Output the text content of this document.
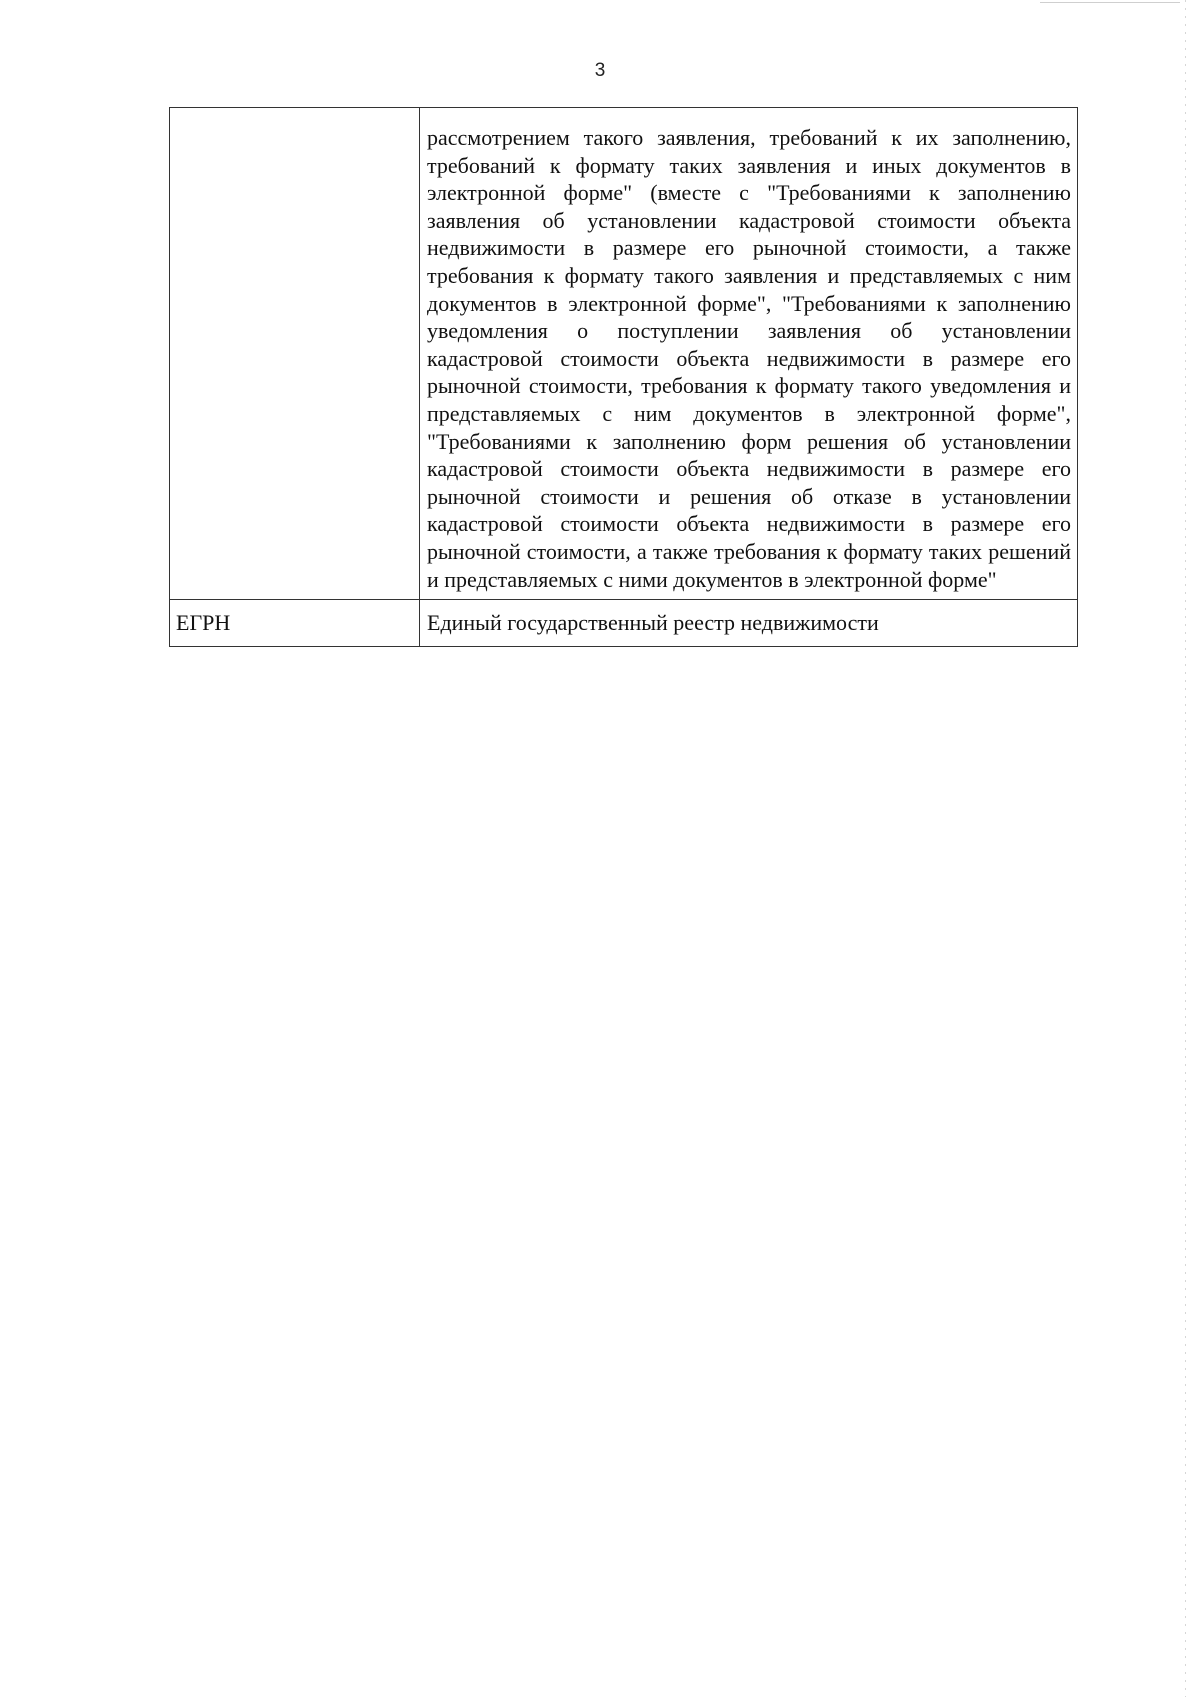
3
	рассмотрением такого заявления, требований к их заполнению, требований к формату таких заявления и иных документов в электронной форме" (вместе с "Требованиями к заполнению заявления об установлении кадастровой стоимости объекта недвижимости в размере его рыночной стоимости, а также требования к формату такого заявления и представляемых с ним документов в электронной форме", "Требованиями к заполнению уведомления о поступлении заявления об установлении кадастровой стоимости объекта недвижимости в размере его рыночной стоимости, требования к формату такого уведомления и представляемых с ним документов в электронной форме", "Требованиями к заполнению форм решения об установлении кадастровой стоимости объекта недвижимости в размере его рыночной стоимости и решения об отказе в установлении кадастровой стоимости объекта недвижимости в размере его рыночной стоимости, а также требования к формату таких решений и представляемых с ними документов в электронной форме"
ЕГРН	Единый государственный реестр недвижимости
